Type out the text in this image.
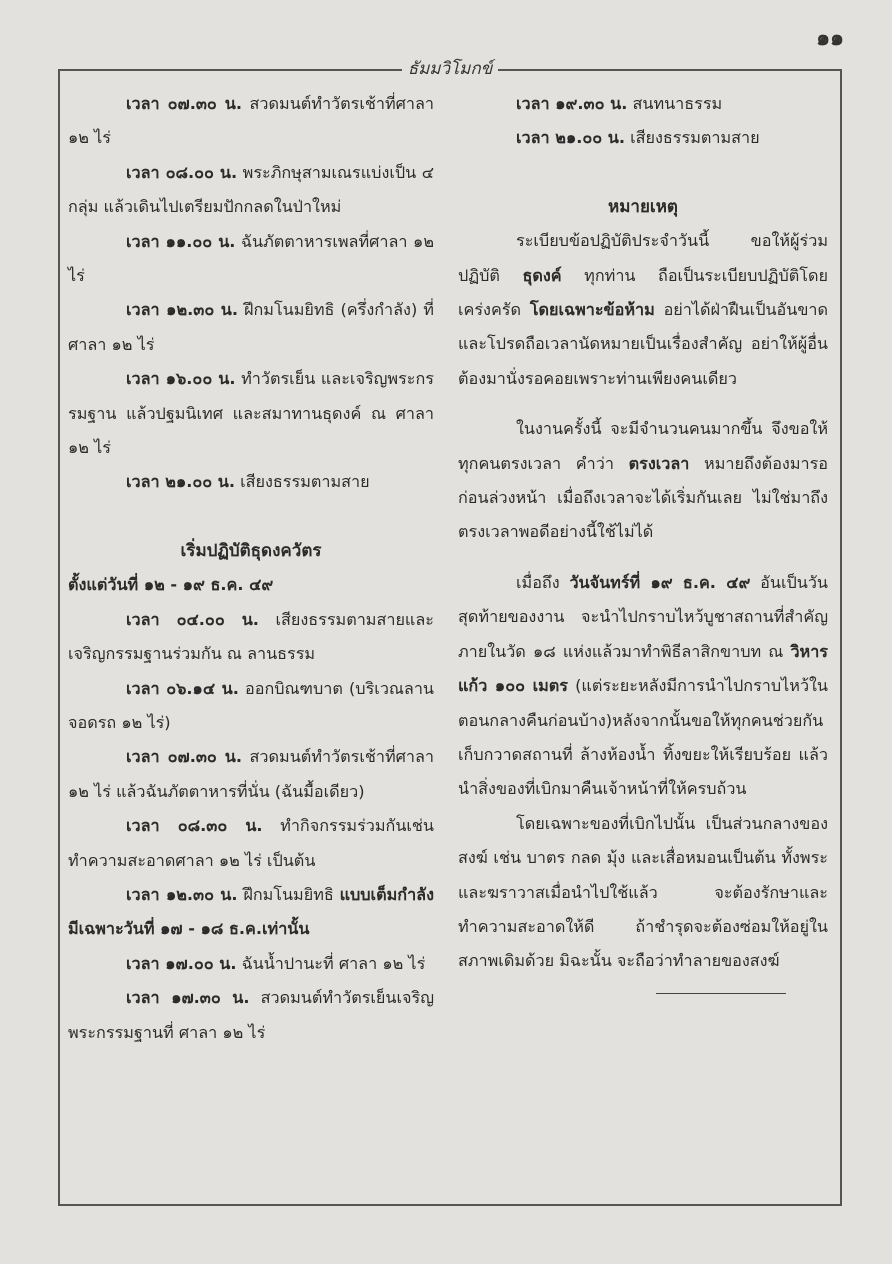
๑๑
ธัมมวิโมกข์

เวลา ๐๗.๓๐ น. สวดมนต์ทำวัตรเช้าที่ศาลา ๑๒ ไร่

เวลา ๐๘.๐๐ น. พระภิกษุสามเณรแบ่งเป็น ๔ กลุ่ม แล้วเดินไปเตรียมปักกลดในป่าใหม่

เวลา ๑๑.๐๐ น. ฉันภัตตาหารเพลที่ศาลา ๑๒ ไร่

เวลา ๑๒.๓๐ น. ฝึกมโนมยิทธิ (ครึ่งกำลัง) ที่ ศาลา ๑๒ ไร่

เวลา ๑๖.๐๐ น. ทำวัตรเย็น และเจริญพระกรรมฐาน แล้วปฐมนิเทศ และสมาทานธุดงค์ ณ ศาลา ๑๒ ไร่

เวลา ๒๑.๐๐ น. เสียงธรรมตามสาย

เริ่มปฏิบัติธุดงควัตร
ตั้งแต่วันที่ ๑๒ - ๑๙ ธ.ค. ๔๙

เวลา ๐๔.๐๐ น. เสียงธรรมตามสายและเจริญกรรมฐานร่วมกัน ณ ลานธรรม

เวลา ๐๖.๑๔ น. ออกบิณฑบาต (บริเวณลานจอดรถ ๑๒ ไร่)

เวลา ๐๗.๓๐ น. สวดมนต์ทำวัตรเช้าที่ศาลา ๑๒ ไร่ แล้วฉันภัตตาหารที่นั่น (ฉันมื้อเดียว)

เวลา ๐๘.๓๐ น. ทำกิจกรรมร่วมกันเช่นทำความสะอาดศาลา ๑๒ ไร่ เป็นต้น

เวลา ๑๒.๓๐ น. ฝึกมโนมยิทธิ แบบเต็มกำลังมีเฉพาะวันที่ ๑๗ - ๑๘ ธ.ค.เท่านั้น

เวลา ๑๗.๐๐ น. ฉันน้ำปานะที่ ศาลา ๑๒ ไร่

เวลา ๑๗.๓๐ น. สวดมนต์ทำวัตรเย็นเจริญพระกรรมฐานที่ ศาลา ๑๒ ไร่

เวลา ๑๙.๓๐ น. สนทนาธรรม

เวลา ๒๑.๐๐ น. เสียงธรรมตามสาย

หมายเหตุ

ระเบียบข้อปฏิบัติประจำวันนี้ ขอให้ผู้ร่วมปฏิบัติ ธุดงค์ ทุกท่าน ถือเป็นระเบียบปฏิบัติโดยเคร่งครัด โดยเฉพาะข้อห้าม อย่าได้ฝ่าฝืนเป็นอันขาด และโปรดถือเวลานัดหมายเป็นเรื่องสำคัญ อย่าให้ผู้อื่นต้องมานั่งรอคอยเพราะท่านเพียงคนเดียว

ในงานครั้งนี้ จะมีจำนวนคนมากขึ้น จึงขอให้ทุกคนตรงเวลา คำว่า ตรงเวลา หมายถึงต้องมารอก่อนล่วงหน้า เมื่อถึงเวลาจะได้เริ่มกันเลย ไม่ใช่มาถึงตรงเวลาพอดีอย่างนี้ใช้ไม่ได้

เมื่อถึง วันจันทร์ที่ ๑๙ ธ.ค. ๔๙ อันเป็นวันสุดท้ายของงาน จะนำไปกราบไหว้บูชาสถานที่สำคัญภายในวัด ๑๘ แห่งแล้วมาทำพิธีลาสิกขาบท ณ วิหารแก้ว ๑๐๐ เมตร (แต่ระยะหลังมีการนำไปกราบไหว้ในตอนกลางคืนก่อนบ้าง)หลังจากนั้นขอให้ทุกคนช่วยกันเก็บกวาดสถานที่ ล้างห้องน้ำ ทิ้งขยะให้เรียบร้อย แล้วนำสิ่งของที่เบิกมาคืนเจ้าหน้าที่ให้ครบถ้วน

โดยเฉพาะของที่เบิกไปนั้น เป็นส่วนกลางของสงฆ์ เช่น บาตร กลด มุ้ง และเสื่อหมอนเป็นต้น ทั้งพระและฆราวาสเมื่อนำไปใช้แล้ว จะต้องรักษาและทำความสะอาดให้ดี ถ้าชำรุดจะต้องซ่อมให้อยู่ในสภาพเดิมด้วย มิฉะนั้น จะถือว่าทำลายของสงฆ์
